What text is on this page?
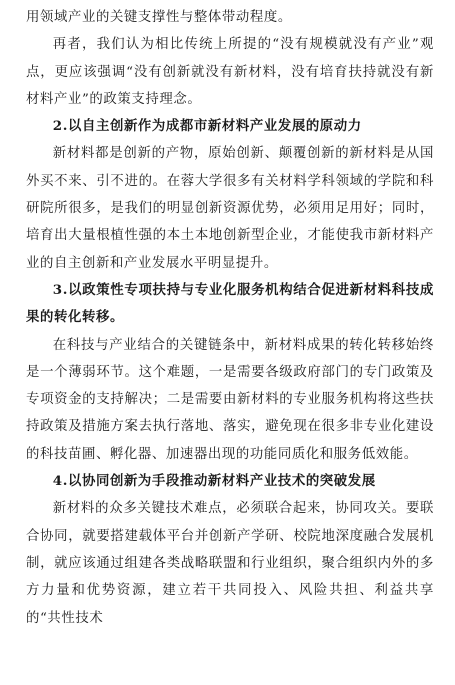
用领域产业的关键支撑性与整体带动程度。

再者，我们认为相比传统上所提的“没有规模就没有产业”观点，更应该强调“没有创新就没有新材料，没有培育扶持就没有新材料产业”的政策支持理念。

2.以自主创新作为成都市新材料产业发展的原动力

新材料都是创新的产物，原始创新、颠覆创新的新材料是从国外买不来、引不进的。在蓉大学很多有关材料学科领域的学院和科研院所很多，是我们的明显创新资源优势，必须用足用好；同时，培育出大量根植性强的本土本地创新型企业，才能使我市新材料产业的自主创新和产业发展水平明显提升。

3.以政策性专项扶持与专业化服务机构结合促进新材料科技成果的转化转移。

在科技与产业结合的关键链条中，新材料成果的转化转移始终是一个薄弱环节。这个难题，一是需要各级政府部门的专门政策及专项资金的支持解决；二是需要由新材料的专业服务机构将这些扶持政策及措施方案去执行落地、落实，避免现在很多非专业化建设的科技苗圃、孵化器、加速器出现的功能同质化和服务低效能。

4.以协同创新为手段推动新材料产业技术的突破发展

新材料的众多关键技术难点，必须联合起来，协同攻关。要联合协同，就要搭建载体平台并创新产学研、校院地深度融合发展机制，就应该通过组建各类战略联盟和行业组织，聚合组织内外的多方力量和优势资源，建立若干共同投入、风险共担、利益共享的“共性技术
